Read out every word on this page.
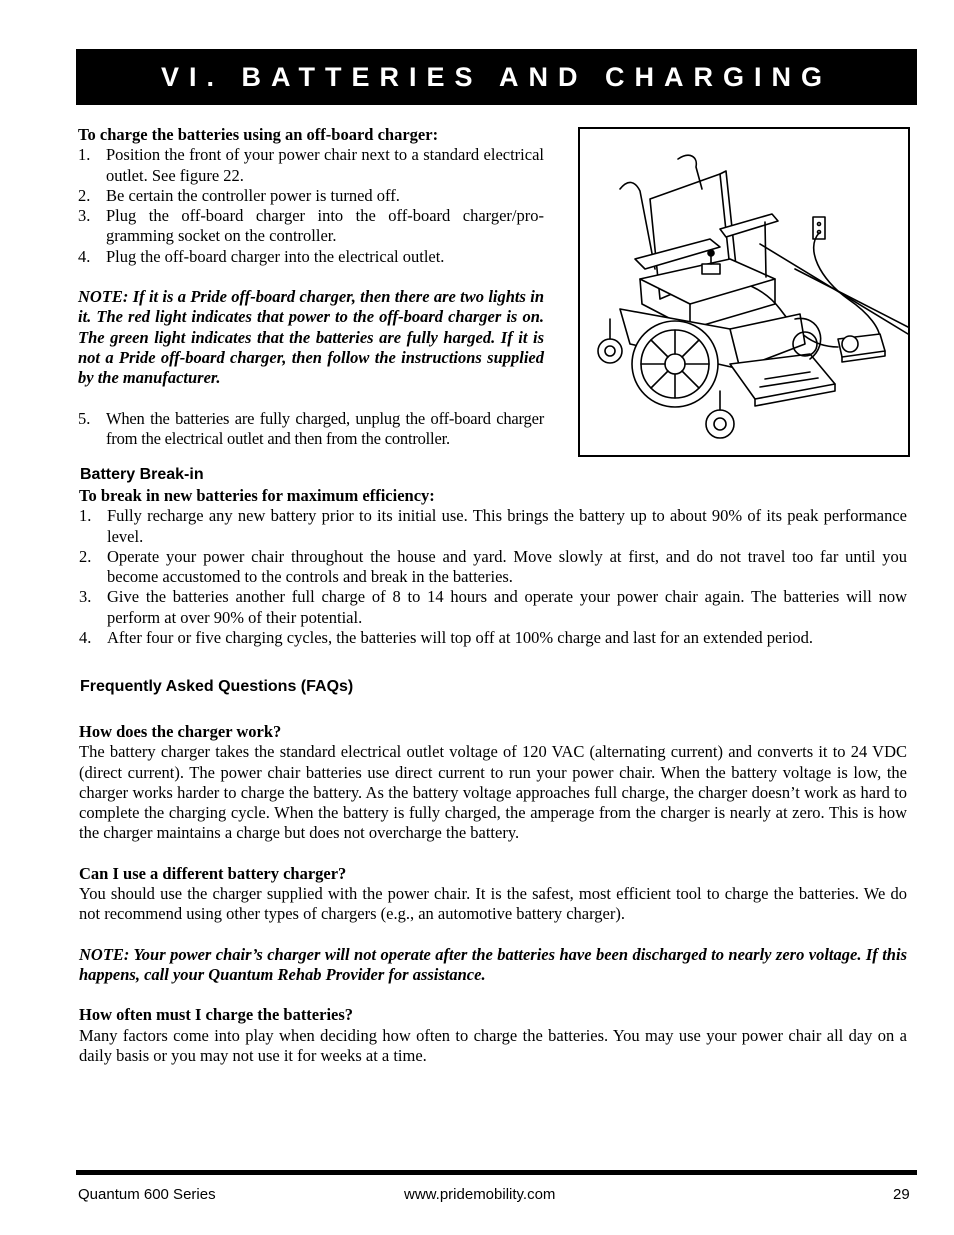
VI. BATTERIES AND CHARGING
To charge the batteries using an off-board charger:
1. Position the front of your power chair next to a standard electrical outlet. See figure 22.
2. Be certain the controller power is turned off.
3. Plug the off-board charger into the off-board charger/pro-gramming socket on the controller.
4. Plug the off-board charger into the electrical outlet.
NOTE: If it is a Pride off-board charger, then there are two lights in it. The red light indicates that power to the off-board charger is on. The green light indicates that the batteries are fully harged. If it is not a Pride off-board charger, then follow the instructions supplied by the manufacturer.
5. When the batteries are fully charged, unplug the off-board charger from the electrical outlet and then from the controller.
Battery Break-in
To break in new batteries for maximum efficiency:
1. Fully recharge any new battery prior to its initial use. This brings the battery up to about 90% of its peak performance level.
2. Operate your power chair throughout the house and yard. Move slowly at first, and do not travel too far until you become accustomed to the controls and break in the batteries.
3. Give the batteries another full charge of 8 to 14 hours and operate your power chair again. The batteries will now perform at over 90% of their potential.
4. After four or five charging cycles, the batteries will top off at 100% charge and last for an extended period.
Frequently Asked Questions (FAQs)
How does the charger work?
The battery charger takes the standard electrical outlet voltage of 120 VAC (alternating current) and converts it to 24 VDC (direct current). The power chair batteries use direct current to run your power chair. When the battery voltage is low, the charger works harder to charge the battery. As the battery voltage approaches full charge, the charger doesn’t work as hard to complete the charging cycle. When the battery is fully charged, the amperage from the charger is nearly at zero. This is how the charger maintains a charge but does not overcharge the battery.
Can I use a different battery charger?
You should use the charger supplied with the power chair. It is the safest, most efficient tool to charge the batteries. We do not recommend using other types of chargers (e.g., an automotive battery charger).
NOTE: Your power chair’s charger will not operate after the batteries have been discharged to nearly zero voltage. If this happens, call your Quantum Rehab Provider for assistance.
How often must I charge the batteries?
Many factors come into play when deciding how often to charge the batteries. You may use your power chair all day on a daily basis or you may not use it for weeks at a time.
Quantum 600 Series	www.pridemobility.com	29
